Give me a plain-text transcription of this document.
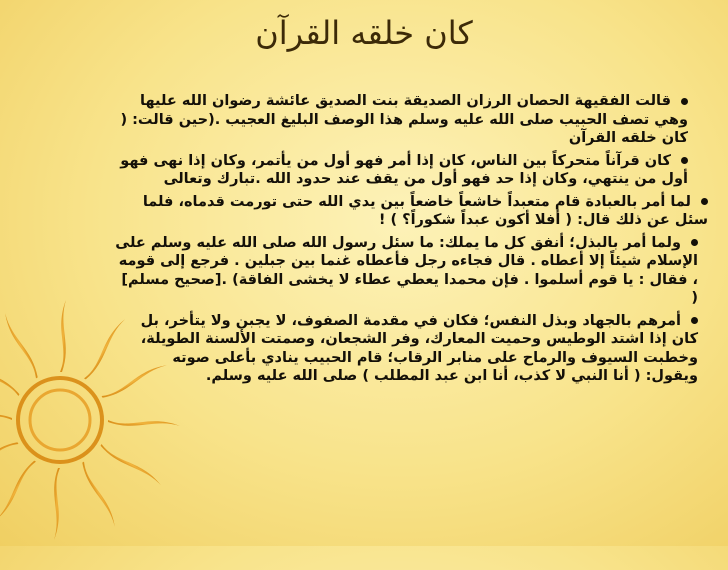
كان خلقه القرآن

قالت الفقيهة الحصان الرزان الصديقة بنت الصديق عائشة رضوان الله عليها وهي تصف الحبيب صلى الله عليه وسلم هذا الوصف البليغ العجيب .(حين قالت: ( كان خلقه القرآن

كان قرآناً متحركاً بين الناس، كان إذا أمر فهو أول من يأتمر، وكان إذا نهى فهو أول من ينتهي، وكان إذا حد فهو أول من يقف عند حدود الله .تبارك وتعالى

لما أمر بالعبادة قام متعبداً خاشعاً خاضعاً بين يدي الله حتى تورمت قدماه، فلما سئل عن ذلك قال: ( أفلا أكون عبداً شكوراً؟ ) !

ولما أمر بالبذل؛ أنفق كل ما يملك: ما سئل رسول الله صلى الله عليه وسلم على الإسلام شيئاً إلا أعطاه . قال فجاءه رجل فأعطاه غنما بين جبلين . فرجع إلى قومه ، فقال : يا قوم أسلموا . فإن محمدا يعطي عطاء لا يخشى الفاقة) .[صحيح مسلم] (

أمرهم بالجهاد وبذل النفس؛ فكان في مقدمة الصفوف، لا يجبن ولا يتأخر، بل كان إذا اشتد الوطيس وحميت المعارك، وفر الشجعان، وصمتت الألسنة الطويلة، وخطبت السيوف والرماح على منابر الرقاب؛ قام الحبيب ينادي بأعلى صوته ويقول: ( أنا النبي لا كذب، أنا ابن عبد المطلب ) صلى الله عليه وسلم.
